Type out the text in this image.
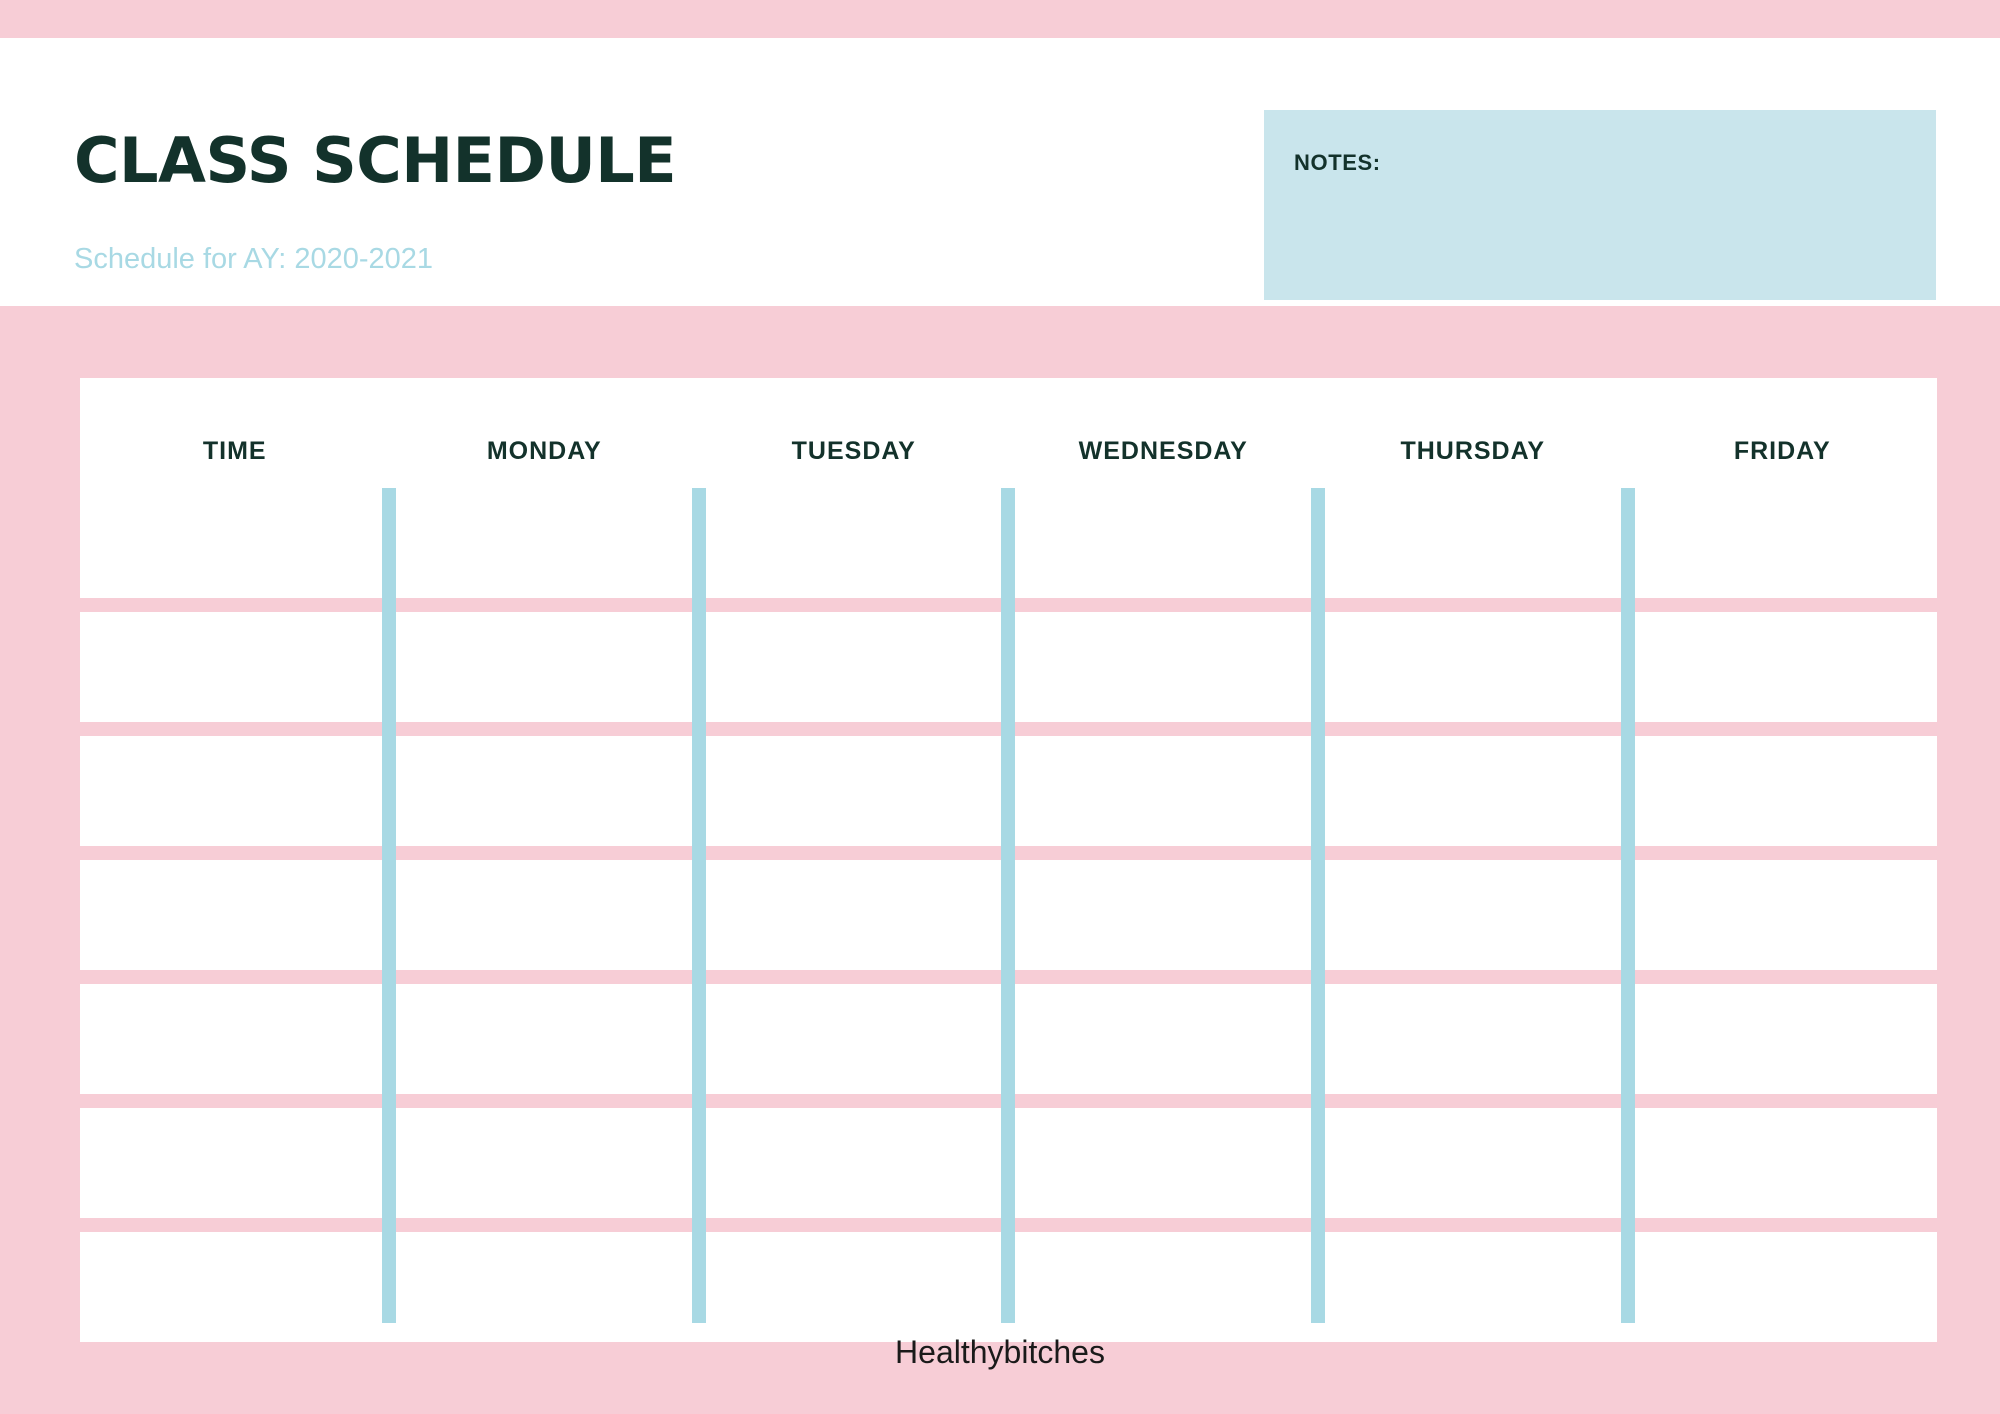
CLASS SCHEDULE
Schedule for AY: 2020-2021
NOTES:
TIME	MONDAY	TUESDAY	WEDNESDAY	THURSDAY	FRIDAY
Healthybitches
